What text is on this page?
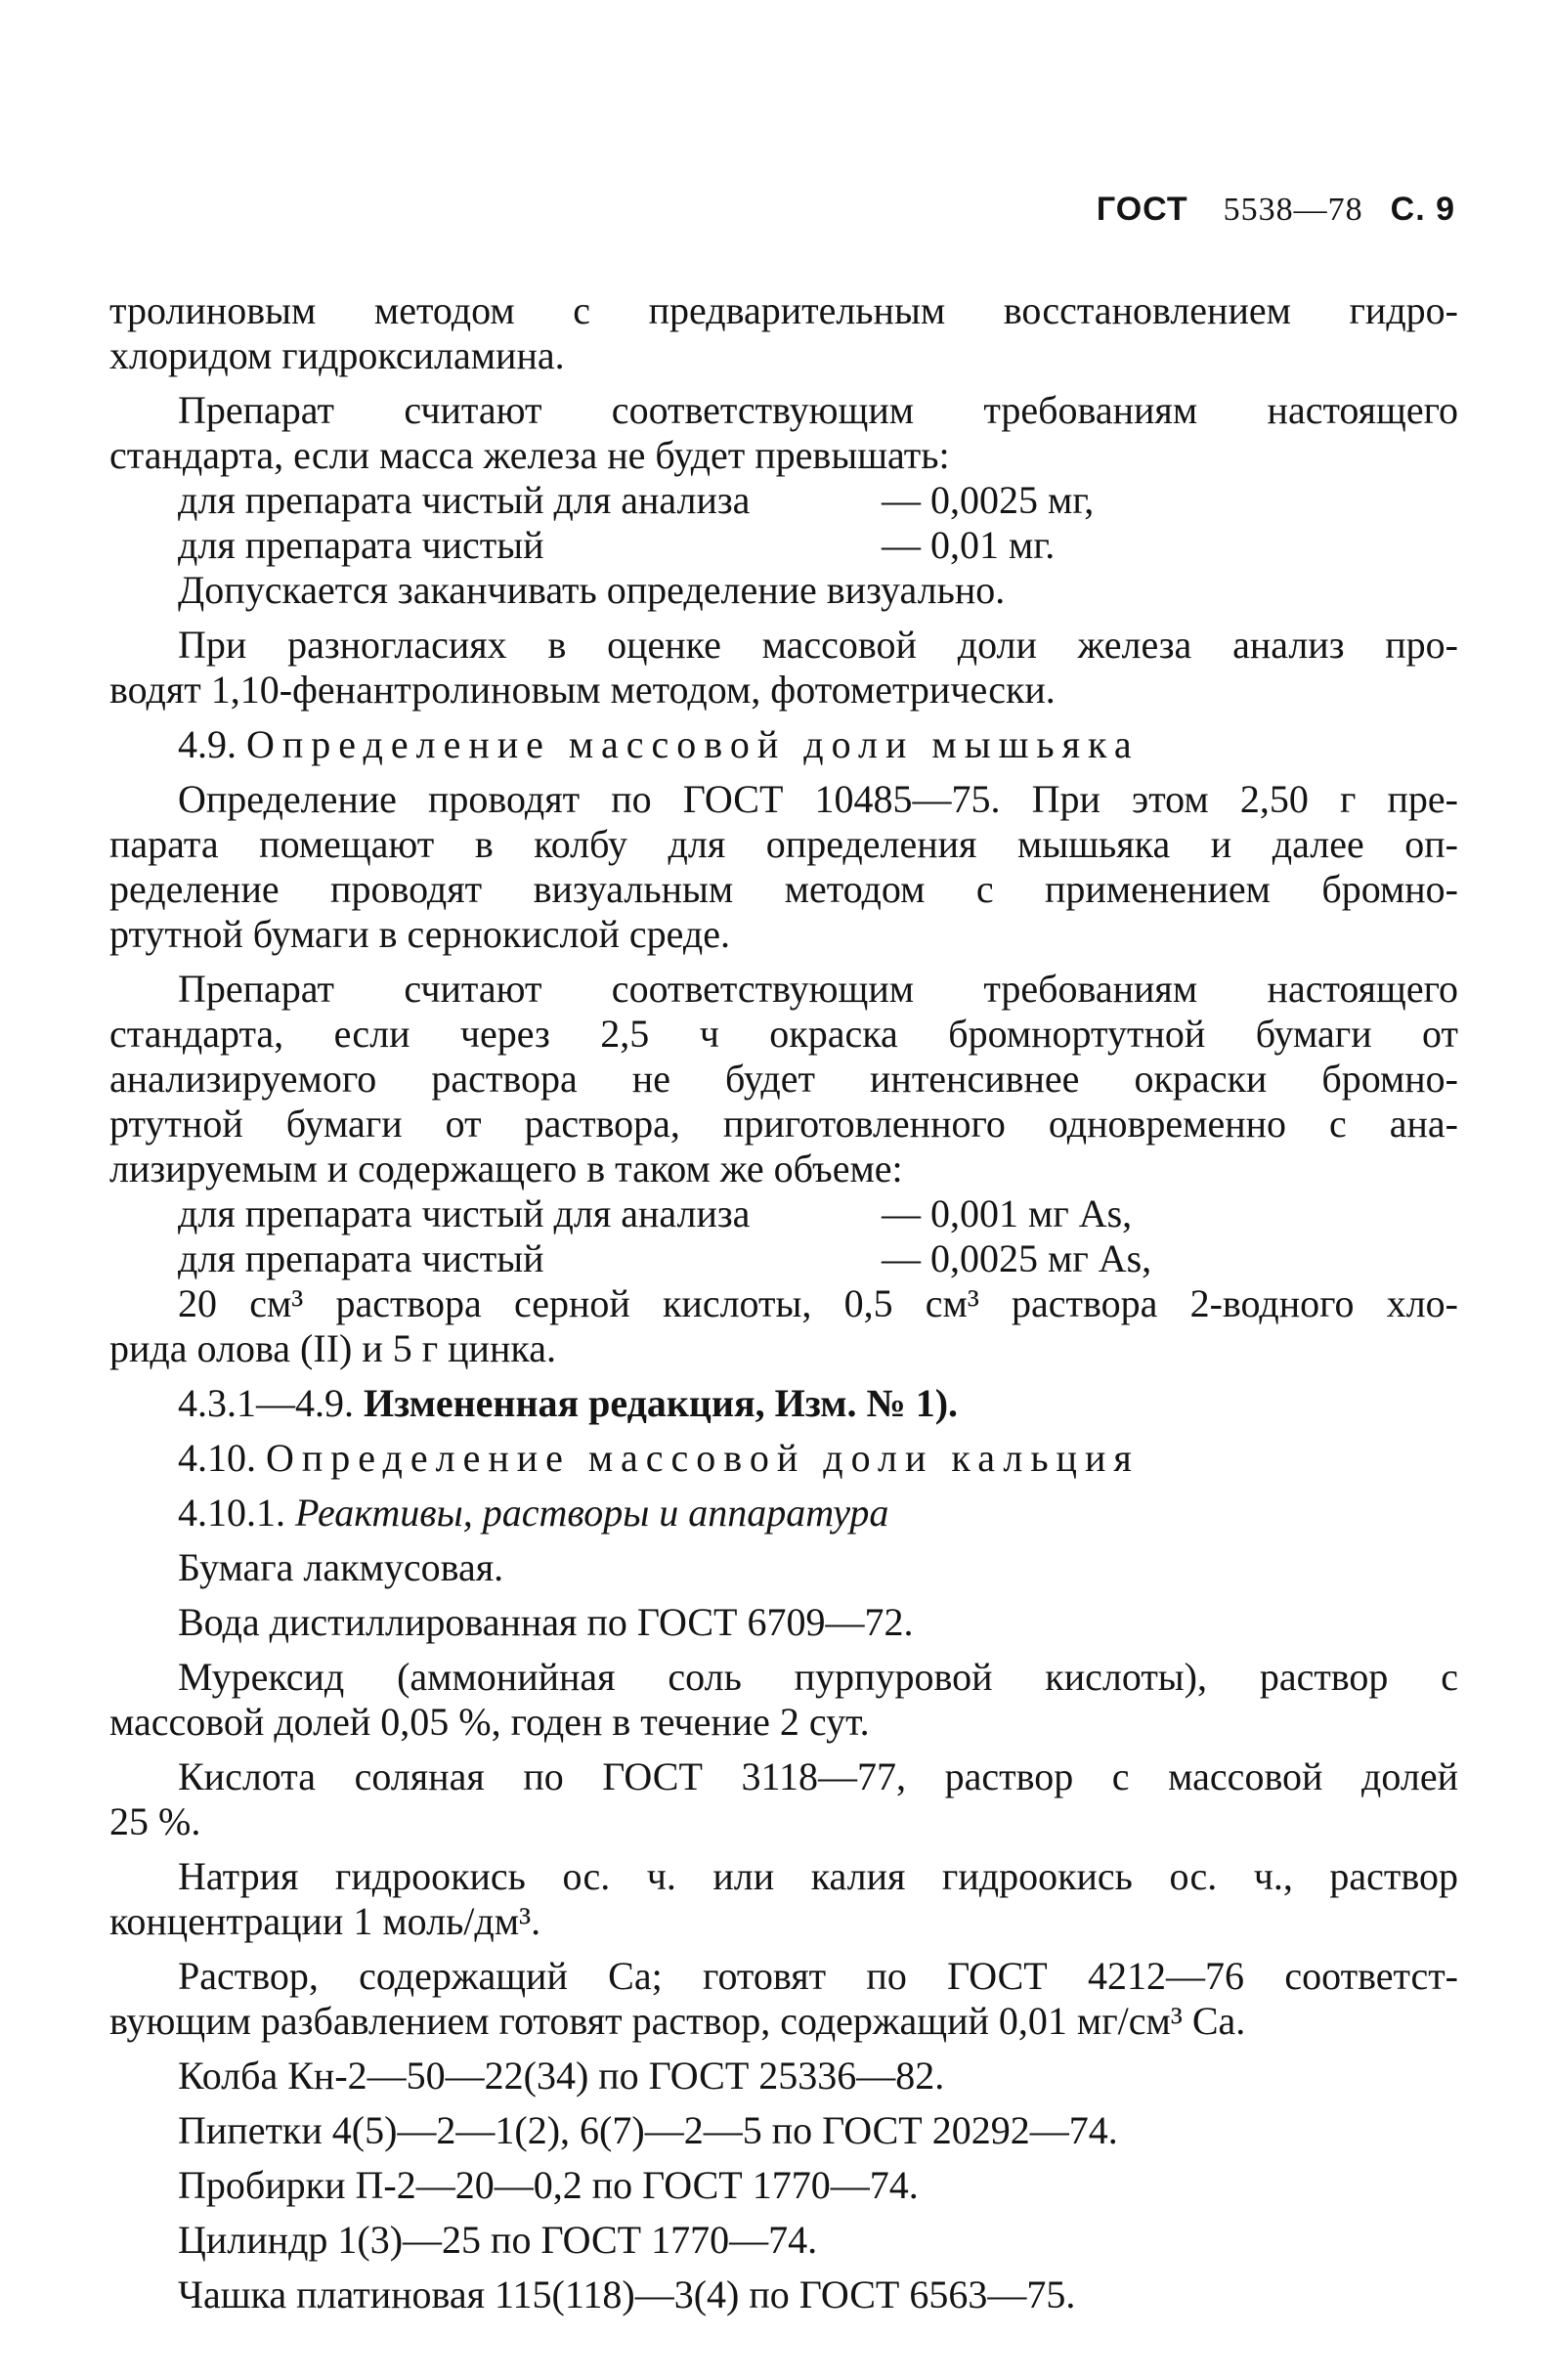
ГОСТ 5538—78 С. 9
тролиновым методом с предварительным восстановлением гидро-
хлоридом гидроксиламина.
Препарат считают соответствующим требованиям настоящего
стандарта, если масса железа не будет превышать:
для препарата чистый для анализа	— 0,0025 мг,
для препарата чистый	— 0,01 мг.
Допускается заканчивать определение визуально.
При разногласиях в оценке массовой доли железа анализ про-
водят 1,10-фенантролиновым методом, фотометрически.
4.9. Определение массовой доли мышьяка
Определение проводят по ГОСТ 10485—75. При этом 2,50 г пре-
парата помещают в колбу для определения мышьяка и далее оп-
ределение проводят визуальным методом с применением бромно-
ртутной бумаги в сернокислой среде.
Препарат считают соответствующим требованиям настоящего
стандарта, если через 2,5 ч окраска бромнортутной бумаги от
анализируемого раствора не будет интенсивнее окраски бромно-
ртутной бумаги от раствора, приготовленного одновременно с ана-
лизируемым и содержащего в таком же объеме:
для препарата чистый для анализа	— 0,001 мг As,
для препарата чистый	— 0,0025 мг As,
20 см³ раствора серной кислоты, 0,5 см³ раствора 2-водного хло-
рида олова (II) и 5 г цинка.
4.3.1—4.9. Измененная редакция, Изм. № 1).
4.10. Определение массовой доли кальция
4.10.1. Реактивы, растворы и аппаратура
Бумага лакмусовая.
Вода дистиллированная по ГОСТ 6709—72.
Мурексид (аммонийная соль пурпуровой кислоты), раствор с
массовой долей 0,05 %, годен в течение 2 сут.
Кислота соляная по ГОСТ 3118—77, раствор с массовой долей
25 %.
Натрия гидроокись ос. ч. или калия гидроокись ос. ч., раствор
концентрации 1 моль/дм³.
Раствор, содержащий Са; готовят по ГОСТ 4212—76 соответст-
вующим разбавлением готовят раствор, содержащий 0,01 мг/см³ Са.
Колба Кн-2—50—22(34) по ГОСТ 25336—82.
Пипетки 4(5)—2—1(2), 6(7)—2—5 по ГОСТ 20292—74.
Пробирки П-2—20—0,2 по ГОСТ 1770—74.
Цилиндр 1(3)—25 по ГОСТ 1770—74.
Чашка платиновая 115(118)—3(4) по ГОСТ 6563—75.
